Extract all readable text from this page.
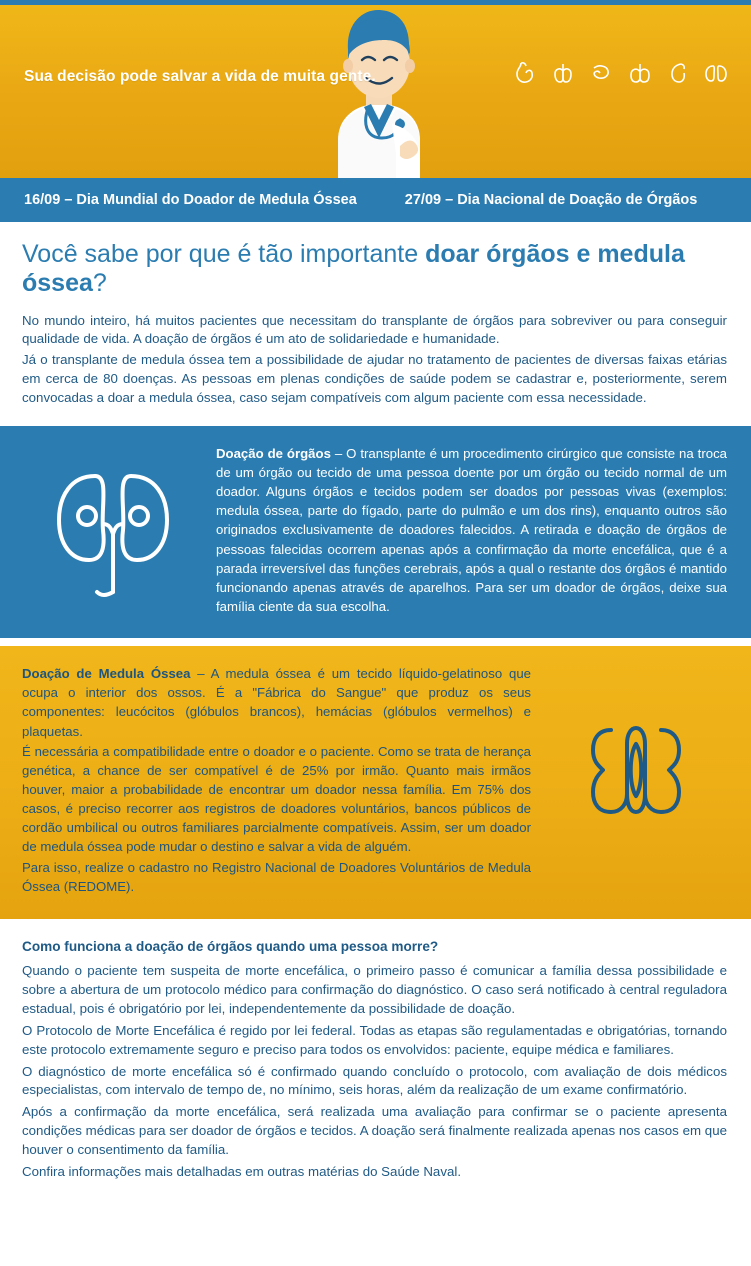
Sua decisão pode salvar a vida de muita gente.
16/09 – Dia Mundial do Doador de Medula Óssea	27/09 – Dia Nacional de Doação de Órgãos
Você sabe por que é tão importante doar órgãos e medula óssea?

No mundo inteiro, há muitos pacientes que necessitam do transplante de órgãos para sobreviver ou para conseguir qualidade de vida. A doação de órgãos é um ato de solidariedade e humanidade.

Já o transplante de medula óssea tem a possibilidade de ajudar no tratamento de pacientes de diversas faixas etárias em cerca de 80 doenças. As pessoas em plenas condições de saúde podem se cadastrar e, posteriormente, serem convocadas a doar a medula óssea, caso sejam compatíveis com algum paciente com essa necessidade.

Doação de órgãos – O transplante é um procedimento cirúrgico que consiste na troca de um órgão ou tecido de uma pessoa doente por um órgão ou tecido normal de um doador. Alguns órgãos e tecidos podem ser doados por pessoas vivas (exemplos: medula óssea, parte do fígado, parte do pulmão e um dos rins), enquanto outros são originados exclusivamente de doadores falecidos. A retirada e doação de órgãos de pessoas falecidas ocorrem apenas após a confirmação da morte encefálica, que é a parada irreversível das funções cerebrais, após a qual o restante dos órgãos é mantido funcionando apenas através de aparelhos. Para ser um doador de órgãos, deixe sua família ciente da sua escolha.

Doação de Medula Óssea – A medula óssea é um tecido líquido-gelatinoso que ocupa o interior dos ossos. É a "Fábrica do Sangue" que produz os seus componentes: leucócitos (glóbulos brancos), hemácias (glóbulos vermelhos) e plaquetas.

É necessária a compatibilidade entre o doador e o paciente. Como se trata de herança genética, a chance de ser compatível é de 25% por irmão. Quanto mais irmãos houver, maior a probabilidade de encontrar um doador nessa família. Em 75% dos casos, é preciso recorrer aos registros de doadores voluntários, bancos públicos de cordão umbilical ou outros familiares parcialmente compatíveis. Assim, ser um doador de medula óssea pode mudar o destino e salvar a vida de alguém.

Para isso, realize o cadastro no Registro Nacional de Doadores Voluntários de Medula Óssea (REDOME).

Como funciona a doação de órgãos quando uma pessoa morre?

Quando o paciente tem suspeita de morte encefálica, o primeiro passo é comunicar a família dessa possibilidade e sobre a abertura de um protocolo médico para confirmação do diagnóstico. O caso será notificado à central reguladora estadual, pois é obrigatório por lei, independentemente da possibilidade de doação.

O Protocolo de Morte Encefálica é regido por lei federal. Todas as etapas são regulamentadas e obrigatórias, tornando este protocolo extremamente seguro e preciso para todos os envolvidos: paciente, equipe médica e familiares.

O diagnóstico de morte encefálica só é confirmado quando concluído o protocolo, com avaliação de dois médicos especialistas, com intervalo de tempo de, no mínimo, seis horas, além da realização de um exame confirmatório.

Após a confirmação da morte encefálica, será realizada uma avaliação para confirmar se o paciente apresenta condições médicas para ser doador de órgãos e tecidos. A doação será finalmente realizada apenas nos casos em que houver o consentimento da família.

Confira informações mais detalhadas em outras matérias do Saúde Naval.
